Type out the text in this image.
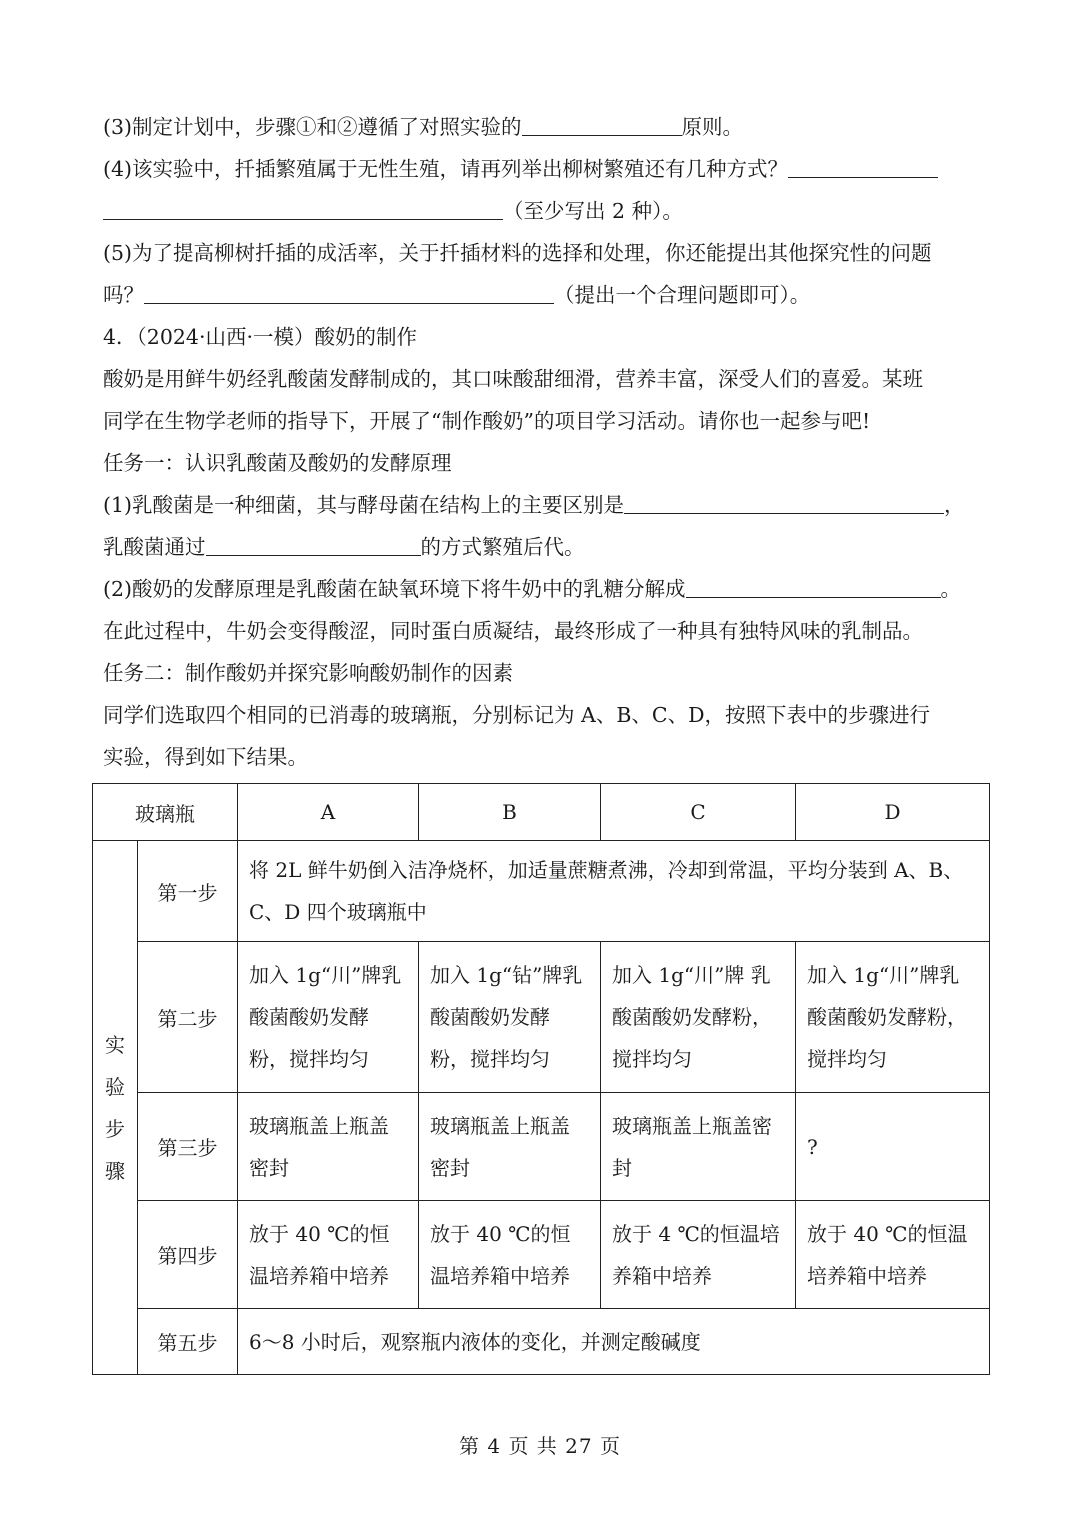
(3)制定计划中，步骤①和②遵循了对照实验的	原则。
(4)该实验中，扦插繁殖属于无性生殖，请再列举出柳树繁殖还有几种方式？
（至少写出 2 种）。
(5)为了提高柳树扦插的成活率，关于扦插材料的选择和处理，你还能提出其他探究性的问题
吗？	（提出一个合理问题即可）。
4．（2024·山西·一模）酸奶的制作
酸奶是用鲜牛奶经乳酸菌发酵制成的，其口味酸甜细滑，营养丰富，深受人们的喜爱。某班
同学在生物学老师的指导下，开展了“制作酸奶”的项目学习活动。请你也一起参与吧!
任务一：认识乳酸菌及酸奶的发酵原理
(1)乳酸菌是一种细菌，其与酵母菌在结构上的主要区别是	，
乳酸菌通过	的方式繁殖后代。
(2)酸奶的发酵原理是乳酸菌在缺氧环境下将牛奶中的乳糖分解成	。
在此过程中，牛奶会变得酸涩，同时蛋白质凝结，最终形成了一种具有独特风味的乳制品。
任务二：制作酸奶并探究影响酸奶制作的因素
同学们选取四个相同的已消毒的玻璃瓶，分别标记为 A、B、C、D，按照下表中的步骤进行
实验，得到如下结果。
玻璃瓶		A	B	C	D

实
验
步
骤	第一步	将 2L 鲜牛奶倒入洁净烧杯，加适量蔗糖煮沸，冷却到常温，平均分装到 A、B、C、D 四个玻璃瓶中			

	第二步	加入 1g“川”牌乳酸菌酸奶发酵粉，搅拌均匀	加入 1g“钻”牌乳酸菌酸奶发酵粉，搅拌均匀	加入 1g“川”牌 乳酸菌酸奶发酵粉，搅拌均匀	加入 1g“川”牌乳酸菌酸奶发酵粉，搅拌均匀

	第三步	玻璃瓶盖上瓶盖密封	玻璃瓶盖上瓶盖密封	玻璃瓶盖上瓶盖密封	?

	第四步	放于 40 ℃的恒温培养箱中培养	放于 40 ℃的恒温培养箱中培养	放于 4 ℃的恒温培养箱中培养	放于 40 ℃的恒温培养箱中培养

	第五步	6～8 小时后，观察瓶内液体的变化，并测定酸碱度			
第 4 页 共 27 页
